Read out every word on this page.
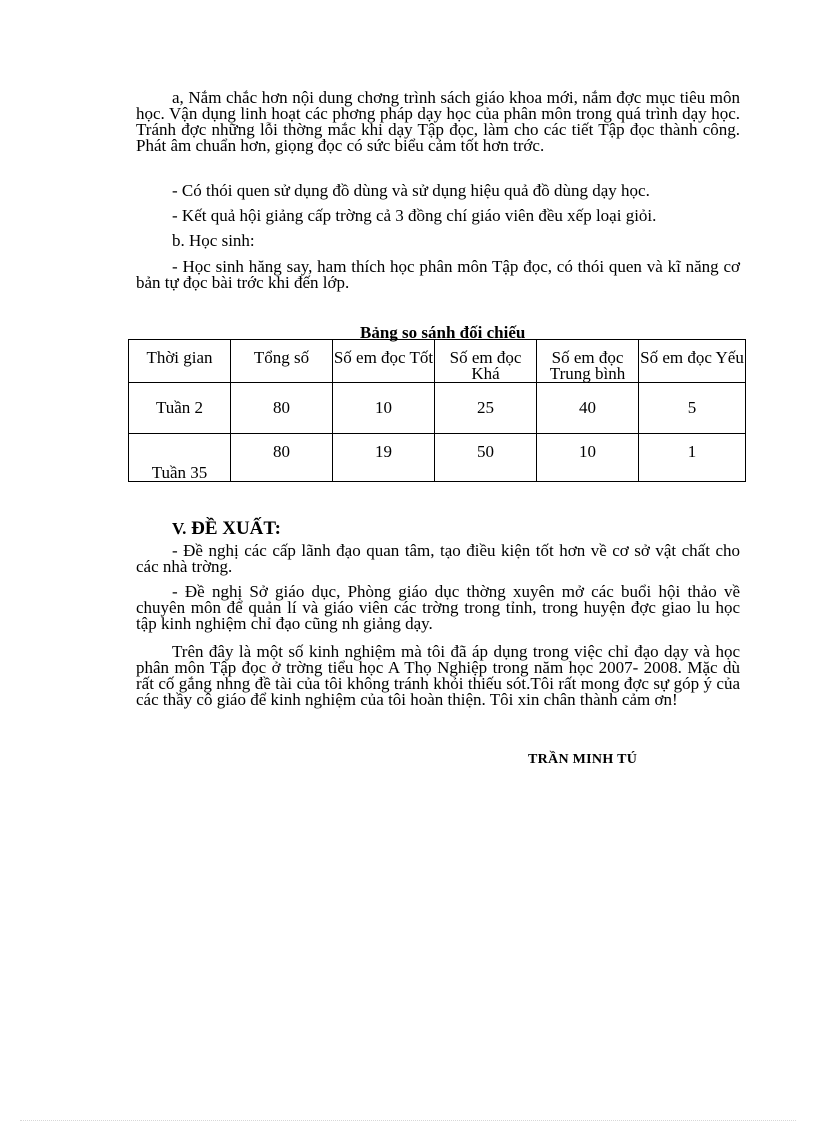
a, Nắm chắc hơn nội dung chơng trình sách giáo khoa mới, nắm đợc mục tiêu môn học. Vận dụng linh hoạt các phơng pháp dạy học của phân môn trong quá trình dạy học. Tránh đợc những lỗi thờng mắc khi dạy Tập đọc, làm cho các tiết Tập đọc thành công. Phát âm chuẩn hơn, giọng đọc có sức biểu cảm tốt hơn trớc.

- Có thói quen sử dụng đồ dùng và sử dụng hiệu quả đồ dùng dạy học.

- Kết quả hội giảng cấp trờng cả 3 đồng chí giáo viên đều xếp loại giỏi.

b. Học sinh:

- Học sinh hăng say, ham thích học phân môn Tập đọc, có thói quen và kĩ năng cơ bản tự đọc bài trớc khi đến lớp.

Bảng so sánh đối chiếu
Thời gian	Tổng số	Số em đọc Tốt	Số em đọc Khá	Số em đọc Trung bình	Số em đọc Yếu
Tuần 2	80	10	25	40	5
Tuần 35	80	19	50	10	1
V. ĐỀ XUẤT:

- Đề nghị các cấp lãnh đạo quan tâm, tạo điều kiện tốt hơn về cơ sở vật chất cho các nhà trờng.

- Đề nghị Sở giáo dục, Phòng giáo dục thờng xuyên mở các buổi hội thảo về chuyên môn để quản lí và giáo viên các trờng trong tỉnh, trong huyện đợc giao lu học tập kinh nghiệm chỉ đạo cũng nh giảng dạy.

Trên đây là một số kinh nghiệm mà tôi đã áp dụng trong việc chỉ đạo dạy và học phân môn Tập đọc ở trờng tiểu học A Thọ Nghiệp trong năm học 2007- 2008. Mặc dù rất cố gắng nhng đề tài của tôi không tránh khỏi thiếu sót.Tôi rất mong đợc sự góp ý của các thầy cô giáo để kinh nghiệm của tôi hoàn thiện. Tôi xin chân thành cảm ơn!

TRẦN MINH TÚ
